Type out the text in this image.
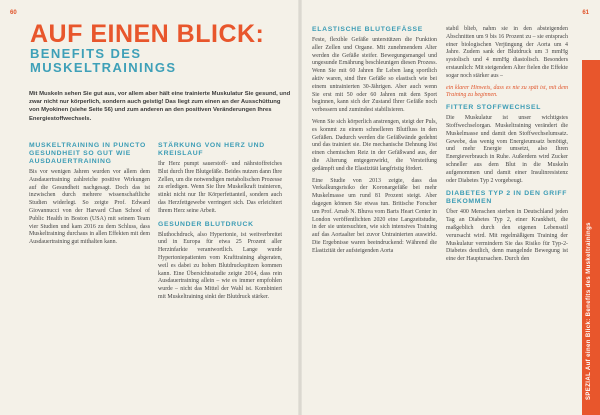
60
AUF EINEN BLICK:
BENEFITS DES MUSKELTRAININGS

Mit Muskeln sehen Sie gut aus, vor allem aber hält eine trainierte Muskulatur Sie gesund, und zwar nicht nur körperlich, sondern auch geistig! Das liegt zum einen an der Ausschüttung von Myokinen (siehe Seite 56) und zum anderen an den positiven Veränderungen Ihres Energiestoffwechsels.

MUSKELTRAINING IN PUNCTO GESUNDHEIT SO GUT WIE AUSDAUERTRAINING

Bis vor wenigen Jahren wurden vor allem dem Ausdauertraining zahlreiche positive Wirkungen auf die Gesundheit nachgesagt. Doch das ist inzwischen durch mehrere wissenschaftliche Studien widerlegt. So zeigte Prof. Edward Giovannucci von der Harvard Chan School of Public Health in Boston (USA) mit seinem Team vier Studien und kam 2016 zu dem Schluss, dass Muskeltraining durchaus in allen Effekten mit dem Ausdauertraining gut mithalten kann.

STÄRKUNG VON HERZ UND KREISLAUF

Ihr Herz pumpt sauerstoff- und nährstoffreiches Blut durch Ihre Blutgefäße. Beides nutzen dann Ihre Zellen, um die notwendigen metabolischen Prozesse zu erledigen. Wenn Sie Ihre Muskelkraft trainieren, stinkt nicht nur Ihr Körperfettanteil, sondern auch das Herzfettgewebe verringert sich. Das erleichtert Ihrem Herz seine Arbeit.

GESUNDER BLUTDRUCK

Bluthochdruck, also Hypertonie, ist weitverbreitet und in Europa für etwa 25 Prozent aller Herzinfarkte verantwortlich. Lange wurde Hypertoniepatienten vom Krafttraining abgeraten, weil es dabei zu hohen Blutdruckspitzen kommen kann. Eine Übersichtsstudie zeigte 2014, dass rein Ausdauertraining allein – wie es immer empfohlen wurde – nicht das Mittel der Wahl ist. Kombiniert mit Muskeltraining sinkt der Blutdruck stärker.

61
ELASTISCHE BLUTGEFÄSSE

Feste, flexible Gefäße unterstützen die Funktion aller Zellen und Organe. Mit zunehmendem Alter werden die Gefäße steifer. Bewegungsmangel und ungesunde Ernährung beschleunigen diesen Prozess. Wenn Sie mit 60 Jahren Ihr Leben lang sportlich aktiv waren, sind Ihre Gefäße so elastisch wie bei einem untrainierten 30-Jährigen. Aber auch wenn Sie erst mit 50 oder 60 Jahren mit dem Sport beginnen, kann sich der Zustand Ihrer Gefäße noch verbessern und zumindest stabilisieren.

Wenn Sie sich körperlich anstrengen, steigt der Puls, es kommt zu einem schnelleren Blutfluss in den Gefäßen. Dadurch werden die Gefäßwände gedehnt und das trainiert sie. Die mechanische Dehnung löst einen chemischen Reiz in der Gefäßwand aus, der die Alterung entgegenwirkt, die Versteifung gedämpft und die Elastizität langfristig fördert.

Eine Studie von 2013 zeigte, dass das Verkalkungsrisiko der Koronargefäße bei mehr Muskelmasse um rund 81 Prozent steigt. Aber dagegen können Sie etwas tun. Britische Forscher um Prof. Arnab N. Bhuva vom Barts Heart Center in London veröffentlichten 2020 eine Langzeitstudie, in der sie untersuchten, wie sich intensives Training auf das Aortaalter bei zuvor Untrainierten auswirkt. Die Ergebnisse waren beeindruckend: Während die Elastizität der aufsteigenden Aorta

stabil blieb, nahm sie in den absteigenden Abschnitten um 9 bis 16 Prozent zu – sie entsprach einer biologischen Verjüngung der Aorta um 4 Jahre. Zudem sank der Blutdruck um 3 mmHg systolisch und 4 mmHg diastolisch. Besonders erstaunlich: Mit steigendem Alter fielen die Effekte sogar noch stärker aus –

ein klarer Hinweis, dass es nie zu spät ist, mit dem Training zu beginnen.

FITTER STOFFWECHSEL

Die Muskulatur ist unser wichtigstes Stoffwechselorgan. Muskeltraining verändert die Muskelmasse und damit den Stoffwechselumsatz. Gewebe, das wenig vom Energieumsatz benötigt, und mehr Energie umsetzt, also Ihren Energieverbrauch in Ruhe. Außerdem wird Zucker schneller aus dem Blut in die Muskeln aufgenommen und damit einer Insulinresistenz oder Diabetes Typ 2 vorgebeugt.

DIABETES TYP 2 IN DEN GRIFF BEKOMMEN

Über 400 Menschen sterben in Deutschland jeden Tag an Diabetes Typ 2, einer Krankheit, die maßgeblich durch den eigenen Lebensstil verursacht wird. Mit regelmäßigem Training der Muskulatur vermindern Sie das Risiko für Typ-2-Diabetes deutlich, denn mangelnde Bewegung ist eine der Hauptursachen. Durch den	SPEZIAL Auf einen Blick: Benefits des Muskeltrainings
